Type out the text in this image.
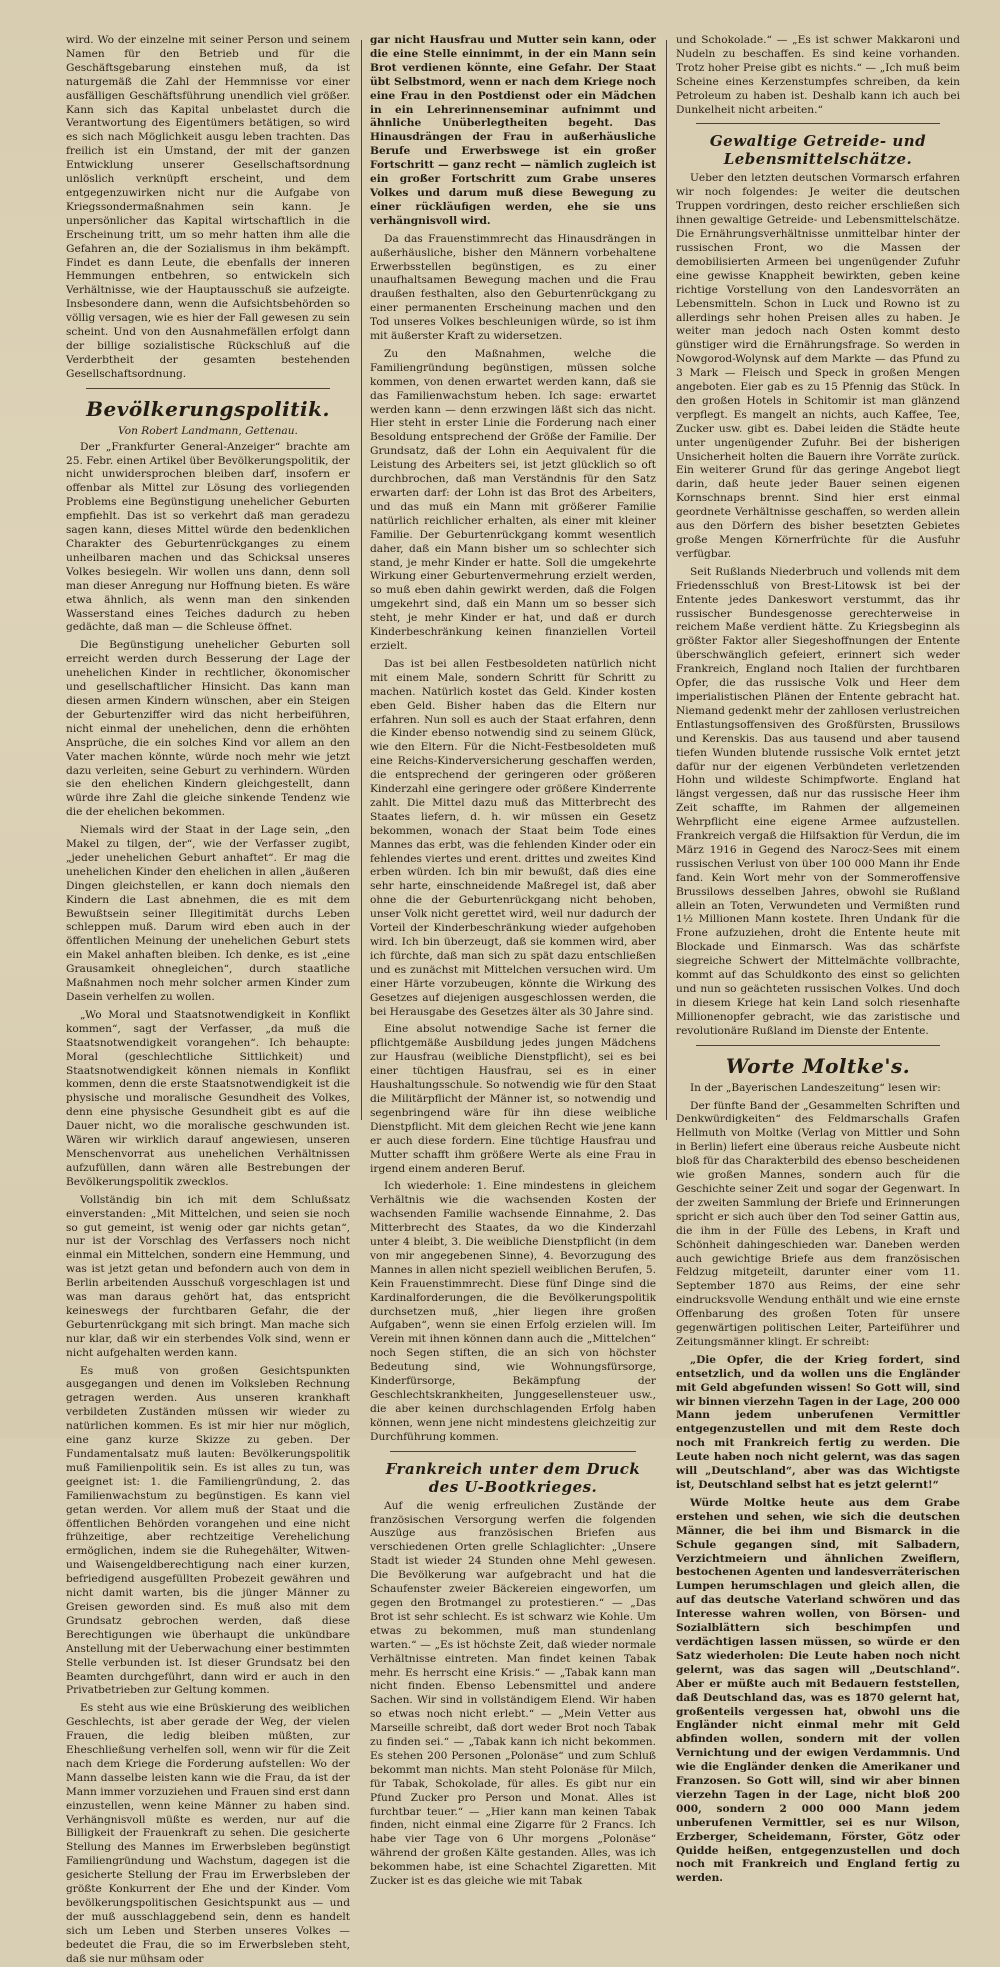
wird. Wo der einzelne mit seiner Person und seinem Namen für den Betrieb und für die Geschäftsgebarung einstehen muß, da ist naturgemäß die Zahl der Hemmnisse vor einer ausfälligen Geschäftsführung unendlich viel größer. Kann sich das Kapital unbelastet durch die Verantwortung des Eigentümers betätigen, so wird es sich nach Möglichkeit ausgu leben trachten. Das freilich ist ein Umstand, der mit der ganzen Entwicklung unserer Gesellschaftsordnung unlöslich verknüpft erscheint, und dem entgegenzuwirken nicht nur die Aufgabe von Kriegssondermaßnahmen sein kann. Je unpersönlicher das Kapital wirtschaftlich in die Erscheinung tritt, um so mehr hatten ihm alle die Gefahren an, die der Sozialismus in ihm bekämpft. Findet es dann Leute, die ebenfalls der inneren Hemmungen entbehren, so entwickeln sich Verhältnisse, wie der Hauptausschuß sie aufzeigte. Insbesondere dann, wenn die Aufsichtsbehörden so völlig versagen, wie es hier der Fall gewesen zu sein scheint. Und von den Ausnahmefällen erfolgt dann der billige sozialistische Rückschluß auf die Verderbtheit der gesamten bestehenden Gesellschaftsordnung.

Bevölkerungspolitik.
Von Robert Landmann, Gettenau.

Der „Frankfurter General-Anzeiger“ brachte am 25. Febr. einen Artikel über Bevölkerungspolitik, der nicht unwidersprochen bleiben darf, insofern er offenbar als Mittel zur Lösung des vorliegenden Problems eine Begünstigung unehelicher Geburten empfiehlt. Das ist so verkehrt daß man geradezu sagen kann, dieses Mittel würde den bedenklichen Charakter des Geburtenrückganges zu einem unheilbaren machen und das Schicksal unseres Volkes besiegeln. Wir wollen uns dann, denn soll man dieser Anregung nur Hoffnung bieten. Es wäre etwa ähnlich, als wenn man den sinkenden Wasserstand eines Teiches dadurch zu heben gedächte, daß man — die Schleuse öffnet.

Die Begünstigung unehelicher Geburten soll erreicht werden durch Besserung der Lage der unehelichen Kinder in rechtlicher, ökonomischer und gesellschaftlicher Hinsicht. Das kann man diesen armen Kindern wünschen, aber ein Steigen der Geburtenziffer wird das nicht herbeiführen, nicht einmal der unehelichen, denn die erhöhten Ansprüche, die ein solches Kind vor allem an den Vater machen könnte, würde noch mehr wie jetzt dazu verleiten, seine Geburt zu verhindern. Würden sie den ehelichen Kindern gleichgestellt, dann würde ihre Zahl die gleiche sinkende Tendenz wie die der ehelichen bekommen.

Niemals wird der Staat in der Lage sein, „den Makel zu tilgen, der“, wie der Verfasser zugibt, „jeder unehelichen Geburt anhaftet“. Er mag die unehelichen Kinder den ehelichen in allen „äußeren Dingen gleichstellen, er kann doch niemals den Kindern die Last abnehmen, die es mit dem Bewußtsein seiner Illegitimität durchs Leben schleppen muß. Darum wird eben auch in der öffentlichen Meinung der unehelichen Geburt stets ein Makel anhaften bleiben. Ich denke, es ist „eine Grausamkeit ohnegleichen“, durch staatliche Maßnahmen noch mehr solcher armen Kinder zum Dasein verhelfen zu wollen.

„Wo Moral und Staatsnotwendigkeit in Konflikt kommen“, sagt der Verfasser, „da muß die Staatsnotwendigkeit vorangehen“. Ich behaupte: Moral (geschlechtliche Sittlichkeit) und Staatsnotwendigkeit können niemals in Konflikt kommen, denn die erste Staatsnotwendigkeit ist die physische und moralische Gesundheit des Volkes, denn eine physische Gesundheit gibt es auf die Dauer nicht, wo die moralische geschwunden ist. Wären wir wirklich darauf angewiesen, unseren Menschenvorrat aus unehelichen Verhältnissen aufzufüllen, dann wären alle Bestrebungen der Bevölkerungspolitik zwecklos.

Vollständig bin ich mit dem Schlußsatz einverstanden: „Mit Mittelchen, und seien sie noch so gut gemeint, ist wenig oder gar nichts getan“, nur ist der Vorschlag des Verfassers noch nicht einmal ein Mittelchen, sondern eine Hemmung, und was ist jetzt getan und befondern auch von dem in Berlin arbeitenden Ausschuß vorgeschlagen ist und was man daraus gehört hat, das entspricht keineswegs der furchtbaren Gefahr, die der Geburtenrückgang mit sich bringt. Man mache sich nur klar, daß wir ein sterbendes Volk sind, wenn er nicht aufgehalten werden kann.

Es muß von großen Gesichtspunkten ausgegangen und denen im Volksleben Rechnung getragen werden. Aus unseren krankhaft verbildeten Zuständen müssen wir wieder zu natürlichen kommen. Es ist mir hier nur möglich, eine ganz kurze Skizze zu geben. Der Fundamentalsatz muß lauten: Bevölkerungspolitik muß Familienpolitik sein. Es ist alles zu tun, was geeignet ist: 1. die Familiengründung, 2. das Familienwachstum zu begünstigen. Es kann viel getan werden. Vor allem muß der Staat und die öffentlichen Behörden vorangehen und eine nicht frühzeitige, aber rechtzeitige Verehelichung ermöglichen, indem sie die Ruhegehälter, Witwen- und Waisengeldberechtigung nach einer kurzen, befriedigend ausgefüllten Probezeit gewähren und nicht damit warten, bis die jünger Männer zu Greisen geworden sind. Es muß also mit dem Grundsatz gebrochen werden, daß diese Berechtigungen wie überhaupt die unkündbare Anstellung mit der Ueberwachung einer bestimmten Stelle verbunden ist. Ist dieser Grundsatz bei den Beamten durchgeführt, dann wird er auch in den Privatbetrieben zur Geltung kommen.

Es steht aus wie eine Brüskierung des weiblichen Geschlechts, ist aber gerade der Weg, der vielen Frauen, die ledig bleiben müßten, zur Eheschließung verhelfen soll, wenn wir für die Zeit nach dem Kriege die Forderung aufstellen: Wo der Mann dasselbe leisten kann wie die Frau, da ist der Mann immer vorzuziehen und Frauen sind erst dann einzustellen, wenn keine Männer zu haben sind. Verhängnisvoll müßte es werden, nur auf die Billigkeit der Frauenkraft zu sehen. Die gesicherte Stellung des Mannes im Erwerbsleben begünstigt Familiengründung und Wachstum, dagegen ist die gesicherte Stellung der Frau im Erwerbsleben der größte Konkurrent der Ehe und der Kinder. Vom bevölkerungspolitischen Gesichtspunkt aus — und der muß ausschlaggebend sein, denn es handelt sich um Leben und Sterben unseres Volkes — bedeutet die Frau, die so im Erwerbsleben steht, daß sie nur mühsam oder

gar nicht Hausfrau und Mutter sein kann, oder die eine Stelle einnimmt, in der ein Mann sein Brot verdienen könnte, eine Gefahr. Der Staat übt Selbstmord, wenn er nach dem Kriege noch eine Frau in den Postdienst oder ein Mädchen in ein Lehrerinnenseminar aufnimmt und ähnliche Unüberlegtheiten begeht. Das Hinausdrängen der Frau in außerhäusliche Berufe und Erwerbswege ist ein großer Fortschritt — ganz recht — nämlich zugleich ist ein großer Fortschritt zum Grabe unseres Volkes und darum muß diese Bewegung zu einer rückläufigen werden, ehe sie uns verhängnisvoll wird.

Da das Frauenstimmrecht das Hinausdrängen in außerhäusliche, bisher den Männern vorbehaltene Erwerbsstellen begünstigen, es zu einer unaufhaltsamen Bewegung machen und die Frau draußen festhalten, also den Geburtenrückgang zu einer permanenten Erscheinung machen und den Tod unseres Volkes beschleunigen würde, so ist ihm mit äußerster Kraft zu widersetzen.

Zu den Maßnahmen, welche die Familiengründung begünstigen, müssen solche kommen, von denen erwartet werden kann, daß sie das Familienwachstum heben. Ich sage: erwartet werden kann — denn erzwingen läßt sich das nicht. Hier steht in erster Linie die Forderung nach einer Besoldung entsprechend der Größe der Familie. Der Grundsatz, daß der Lohn ein Aequivalent für die Leistung des Arbeiters sei, ist jetzt glücklich so oft durchbrochen, daß man Verständnis für den Satz erwarten darf: der Lohn ist das Brot des Arbeiters, und das muß ein Mann mit größerer Familie natürlich reichlicher erhalten, als einer mit kleiner Familie. Der Geburtenrückgang kommt wesentlich daher, daß ein Mann bisher um so schlechter sich stand, je mehr Kinder er hatte. Soll die umgekehrte Wirkung einer Geburtenvermehrung erzielt werden, so muß eben dahin gewirkt werden, daß die Folgen umgekehrt sind, daß ein Mann um so besser sich steht, je mehr Kinder er hat, und daß er durch Kinderbeschränkung keinen finanziellen Vorteil erzielt.

Das ist bei allen Festbesoldeten natürlich nicht mit einem Male, sondern Schritt für Schritt zu machen. Natürlich kostet das Geld. Kinder kosten eben Geld. Bisher haben das die Eltern nur erfahren. Nun soll es auch der Staat erfahren, denn die Kinder ebenso notwendig sind zu seinem Glück, wie den Eltern. Für die Nicht-Festbesoldeten muß eine Reichs-Kinderversicherung geschaffen werden, die entsprechend der geringeren oder größeren Kinderzahl eine geringere oder größere Kinderrente zahlt. Die Mittel dazu muß das Mitterbrecht des Staates liefern, d. h. wir müssen ein Gesetz bekommen, wonach der Staat beim Tode eines Mannes das erbt, was die fehlenden Kinder oder ein fehlendes viertes und erent. drittes und zweites Kind erben würden. Ich bin mir bewußt, daß dies eine sehr harte, einschneidende Maßregel ist, daß aber ohne die der Geburtenrückgang nicht behoben, unser Volk nicht gerettet wird, weil nur dadurch der Vorteil der Kinderbeschränkung wieder aufgehoben wird. Ich bin überzeugt, daß sie kommen wird, aber ich fürchte, daß man sich zu spät dazu entschließen und es zunächst mit Mittelchen versuchen wird. Um einer Härte vorzubeugen, könnte die Wirkung des Gesetzes auf diejenigen ausgeschlossen werden, die bei Herausgabe des Gesetzes älter als 30 Jahre sind.

Eine absolut notwendige Sache ist ferner die pflichtgemäße Ausbildung jedes jungen Mädchens zur Hausfrau (weibliche Dienstpflicht), sei es bei einer tüchtigen Hausfrau, sei es in einer Haushaltungsschule. So notwendig wie für den Staat die Militärpflicht der Männer ist, so notwendig und segenbringend wäre für ihn diese weibliche Dienstpflicht. Mit dem gleichen Recht wie jene kann er auch diese fordern. Eine tüchtige Hausfrau und Mutter schafft ihm größere Werte als eine Frau in irgend einem anderen Beruf.

Ich wiederhole: 1. Eine mindestens in gleichem Verhältnis wie die wachsenden Kosten der wachsenden Familie wachsende Einnahme, 2. Das Mitterbrecht des Staates, da wo die Kinderzahl unter 4 bleibt, 3. Die weibliche Dienstpflicht (in dem von mir angegebenen Sinne), 4. Bevorzugung des Mannes in allen nicht speziell weiblichen Berufen, 5. Kein Frauenstimmrecht. Diese fünf Dinge sind die Kardinalforderungen, die die Bevölkerungspolitik durchsetzen muß, „hier liegen ihre großen Aufgaben“, wenn sie einen Erfolg erzielen will. Im Verein mit ihnen können dann auch die „Mittelchen“ noch Segen stiften, die an sich von höchster Bedeutung sind, wie Wohnungsfürsorge, Kinderfürsorge, Bekämpfung der Geschlechtskrankheiten, Junggesellensteuer usw., die aber keinen durchschlagenden Erfolg haben können, wenn jene nicht mindestens gleichzeitig zur Durchführung kommen.

Frankreich unter dem Druck des U-Bootkrieges.

Auf die wenig erfreulichen Zustände der französischen Versorgung werfen die folgenden Auszüge aus französischen Briefen aus verschiedenen Orten grelle Schlaglichter: „Unsere Stadt ist wieder 24 Stunden ohne Mehl gewesen. Die Bevölkerung war aufgebracht und hat die Schaufenster zweier Bäckereien eingeworfen, um gegen den Brotmangel zu protestieren.“ — „Das Brot ist sehr schlecht. Es ist schwarz wie Kohle. Um etwas zu bekommen, muß man stundenlang warten.“ — „Es ist höchste Zeit, daß wieder normale Verhältnisse eintreten. Man findet keinen Tabak mehr. Es herrscht eine Krisis.“ — „Tabak kann man nicht finden. Ebenso Lebensmittel und andere Sachen. Wir sind in vollständigem Elend. Wir haben so etwas noch nicht erlebt.“ — „Mein Vetter aus Marseille schreibt, daß dort weder Brot noch Tabak zu finden sei.“ — „Tabak kann ich nicht bekommen. Es stehen 200 Personen „Polonäse“ und zum Schluß bekommt man nichts. Man steht Polonäse für Milch, für Tabak, Schokolade, für alles. Es gibt nur ein Pfund Zucker pro Person und Monat. Alles ist furchtbar teuer.“ — „Hier kann man keinen Tabak finden, nicht einmal eine Zigarre für 2 Francs. Ich habe vier Tage von 6 Uhr morgens „Polonäse“ während der großen Kälte gestanden. Alles, was ich bekommen habe, ist eine Schachtel Zigaretten. Mit Zucker ist es das gleiche wie mit Tabak

und Schokolade.“ — „Es ist schwer Makkaroni und Nudeln zu beschaffen. Es sind keine vorhanden. Trotz hoher Preise gibt es nichts.“ — „Ich muß beim Scheine eines Kerzenstumpfes schreiben, da kein Petroleum zu haben ist. Deshalb kann ich auch bei Dunkelheit nicht arbeiten.“

Gewaltige Getreide- und Lebensmittelschätze.

Ueber den letzten deutschen Vormarsch erfahren wir noch folgendes: Je weiter die deutschen Truppen vordringen, desto reicher erschließen sich ihnen gewaltige Getreide- und Lebensmittelschätze. Die Ernährungsverhältnisse unmittelbar hinter der russischen Front, wo die Massen der demobilisierten Armeen bei ungenügender Zufuhr eine gewisse Knappheit bewirkten, geben keine richtige Vorstellung von den Landesvorräten an Lebensmitteln. Schon in Luck und Rowno ist zu allerdings sehr hohen Preisen alles zu haben. Je weiter man jedoch nach Osten kommt desto günstiger wird die Ernährungsfrage. So werden in Nowgorod-Wolynsk auf dem Markte — das Pfund zu 3 Mark — Fleisch und Speck in großen Mengen angeboten. Eier gab es zu 15 Pfennig das Stück. In den großen Hotels in Schitomir ist man glänzend verpflegt. Es mangelt an nichts, auch Kaffee, Tee, Zucker usw. gibt es. Dabei leiden die Städte heute unter ungenügender Zufuhr. Bei der bisherigen Unsicherheit holten die Bauern ihre Vorräte zurück. Ein weiterer Grund für das geringe Angebot liegt darin, daß heute jeder Bauer seinen eigenen Kornschnaps brennt. Sind hier erst einmal geordnete Verhältnisse geschaffen, so werden allein aus den Dörfern des bisher besetzten Gebietes große Mengen Körnerfrüchte für die Ausfuhr verfügbar.

Seit Rußlands Niederbruch und vollends mit dem Friedensschluß von Brest-Litowsk ist bei der Entente jedes Dankeswort verstummt, das ihr russischer Bundesgenosse gerechterweise in reichem Maße verdient hätte. Zu Kriegsbeginn als größter Faktor aller Siegeshoffnungen der Entente überschwänglich gefeiert, erinnert sich weder Frankreich, England noch Italien der furchtbaren Opfer, die das russische Volk und Heer dem imperialistischen Plänen der Entente gebracht hat. Niemand gedenkt mehr der zahllosen verlustreichen Entlastungsoffensiven des Großfürsten, Brussilows und Kerenskis. Das aus tausend und aber tausend tiefen Wunden blutende russische Volk erntet jetzt dafür nur der eigenen Verbündeten verletzenden Hohn und wildeste Schimpfworte. England hat längst vergessen, daß nur das russische Heer ihm Zeit schaffte, im Rahmen der allgemeinen Wehrpflicht eine eigene Armee aufzustellen. Frankreich vergaß die Hilfsaktion für Verdun, die im März 1916 in Gegend des Narocz-Sees mit einem russischen Verlust von über 100 000 Mann ihr Ende fand. Kein Wort mehr von der Sommeroffensive Brussilows desselben Jahres, obwohl sie Rußland allein an Toten, Verwundeten und Vermißten rund 1½ Millionen Mann kostete. Ihren Undank für die Frone aufzuziehen, droht die Entente heute mit Blockade und Einmarsch. Was das schärfste siegreiche Schwert der Mittelmächte vollbrachte, kommt auf das Schuldkonto des einst so gelichten und nun so geächteten russischen Volkes. Und doch in diesem Kriege hat kein Land solch riesenhafte Millionenopfer gebracht, wie das zaristische und revolutionäre Rußland im Dienste der Entente.

Worte Moltke's.

In der „Bayerischen Landeszeitung“ lesen wir:

Der fünfte Band der „Gesammelten Schriften und Denkwürdigkeiten“ des Feldmarschalls Grafen Hellmuth von Moltke (Verlag von Mittler und Sohn in Berlin) liefert eine überaus reiche Ausbeute nicht bloß für das Charakterbild des ebenso bescheidenen wie großen Mannes, sondern auch für die Geschichte seiner Zeit und sogar der Gegenwart. In der zweiten Sammlung der Briefe und Erinnerungen spricht er sich auch über den Tod seiner Gattin aus, die ihm in der Fülle des Lebens, in Kraft und Schönheit dahingeschieden war. Daneben werden auch gewichtige Briefe aus dem französischen Feldzug mitgeteilt, darunter einer vom 11. September 1870 aus Reims, der eine sehr eindrucksvolle Wendung enthält und wie eine ernste Offenbarung des großen Toten für unsere gegenwärtigen politischen Leiter, Parteiführer und Zeitungsmänner klingt. Er schreibt:

„Die Opfer, die der Krieg fordert, sind entsetzlich, und da wollen uns die Engländer mit Geld abgefunden wissen! So Gott will, sind wir binnen vierzehn Tagen in der Lage, 200 000 Mann jedem unberufenen Vermittler entgegenzustellen und mit dem Reste doch noch mit Frankreich fertig zu werden. Die Leute haben noch nicht gelernt, was das sagen will „Deutschland“, aber was das Wichtigste ist, Deutschland selbst hat es jetzt gelernt!“

Würde Moltke heute aus dem Grabe erstehen und sehen, wie sich die deutschen Männer, die bei ihm und Bismarck in die Schule gegangen sind, mit Salbadern, Verzichtmeiern und ähnlichen Zweiflern, bestochenen Agenten und landesverräterischen Lumpen herumschlagen und gleich allen, die auf das deutsche Vaterland schwören und das Interesse wahren wollen, von Börsen- und Sozialblättern sich beschimpfen und verdächtigen lassen müssen, so würde er den Satz wiederholen: Die Leute haben noch nicht gelernt, was das sagen will „Deutschland“. Aber er müßte auch mit Bedauern feststellen, daß Deutschland das, was es 1870 gelernt hat, großenteils vergessen hat, obwohl uns die Engländer nicht einmal mehr mit Geld abfinden wollen, sondern mit der vollen Vernichtung und der ewigen Verdammnis. Und wie die Engländer denken die Amerikaner und Franzosen. So Gott will, sind wir aber binnen vierzehn Tagen in der Lage, nicht bloß 200 000, sondern 2 000 000 Mann jedem unberufenen Vermittler, sei es nur Wilson, Erzberger, Scheidemann, Förster, Götz oder Quidde heißen, entgegenzustellen und doch noch mit Frankreich und England fertig zu werden.
